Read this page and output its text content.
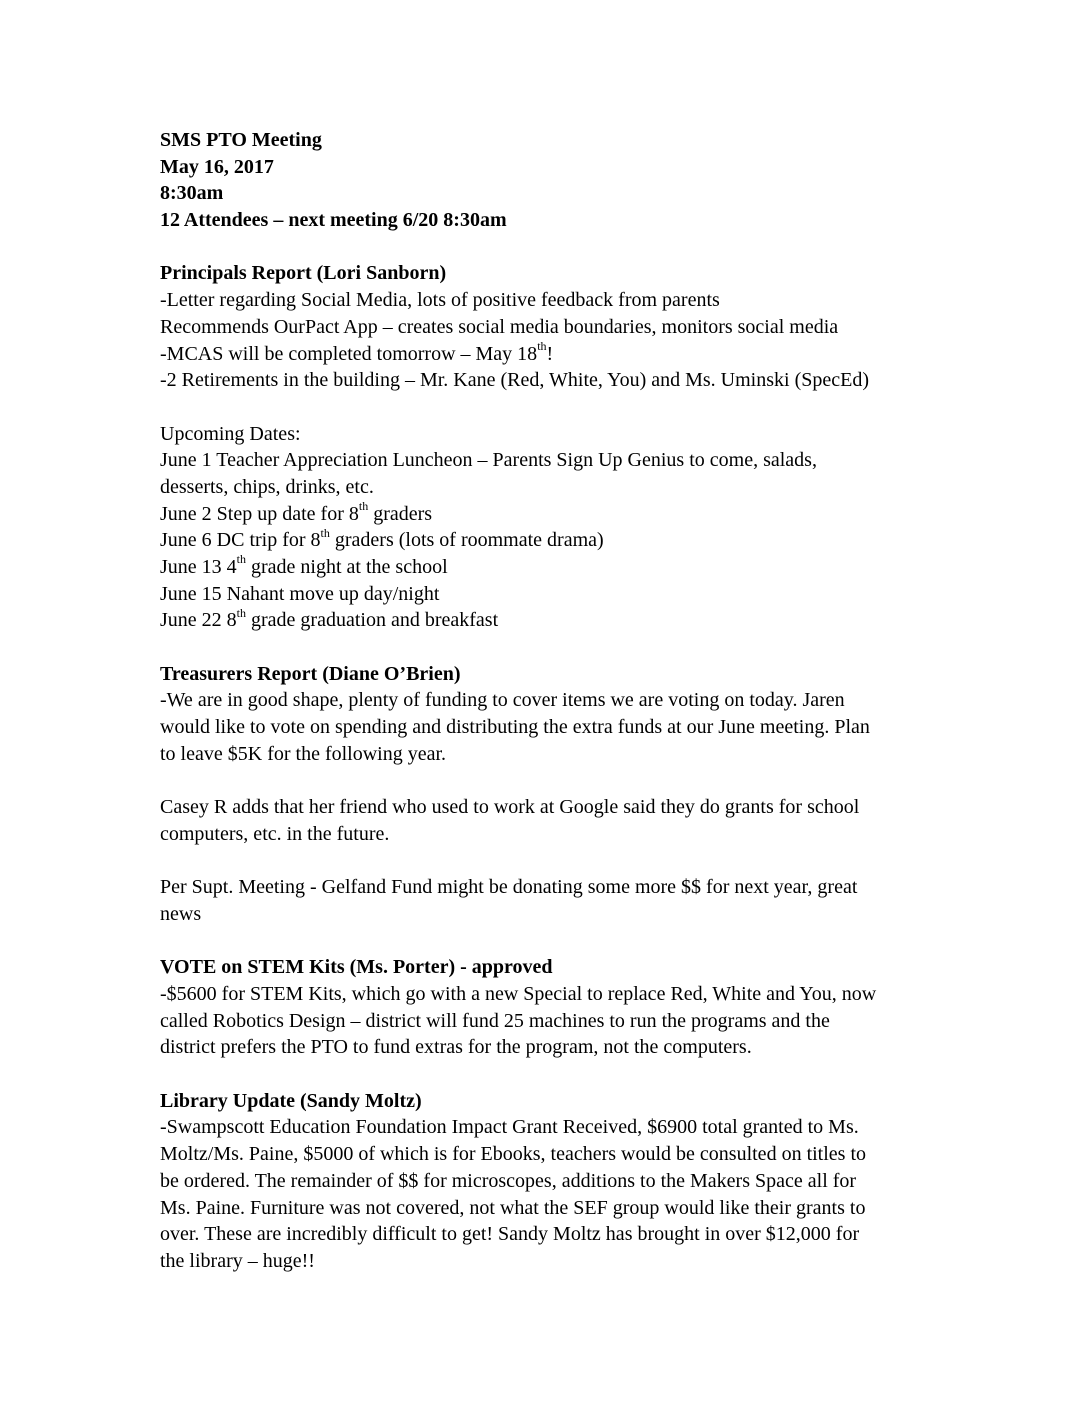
SMS PTO Meeting
May 16, 2017
8:30am
12 Attendees – next meeting 6/20 8:30am
Principals Report (Lori Sanborn)
-Letter regarding Social Media, lots of positive feedback from parents
Recommends OurPact App – creates social media boundaries, monitors social media
-MCAS will be completed tomorrow – May 18th!
-2 Retirements in the building – Mr. Kane (Red, White, You) and Ms. Uminski (SpecEd)
Upcoming Dates:
June 1 Teacher Appreciation Luncheon – Parents Sign Up Genius to come, salads,
desserts, chips, drinks, etc.
June 2 Step up date for 8th graders
June 6 DC trip for 8th graders (lots of roommate drama)
June 13 4th grade night at the school
June 15 Nahant move up day/night
June 22 8th grade graduation and breakfast
Treasurers Report (Diane O’Brien)
-We are in good shape, plenty of funding to cover items we are voting on today. Jaren
would like to vote on spending and distributing the extra funds at our June meeting. Plan
to leave $5K for the following year.
Casey R adds that her friend who used to work at Google said they do grants for school
computers, etc. in the future.
Per Supt. Meeting - Gelfand Fund might be donating some more $$ for next year, great
news
VOTE on STEM Kits (Ms. Porter) - approved
-$5600 for STEM Kits, which go with a new Special to replace Red, White and You, now
called Robotics Design – district will fund 25 machines to run the programs and the
district prefers the PTO to fund extras for the program, not the computers.
Library Update (Sandy Moltz)
-Swampscott Education Foundation Impact Grant Received, $6900 total granted to Ms.
Moltz/Ms. Paine, $5000 of which is for Ebooks, teachers would be consulted on titles to
be ordered. The remainder of $$ for microscopes, additions to the Makers Space all for
Ms. Paine. Furniture was not covered, not what the SEF group would like their grants to
over. These are incredibly difficult to get! Sandy Moltz has brought in over $12,000 for
the library – huge!!
